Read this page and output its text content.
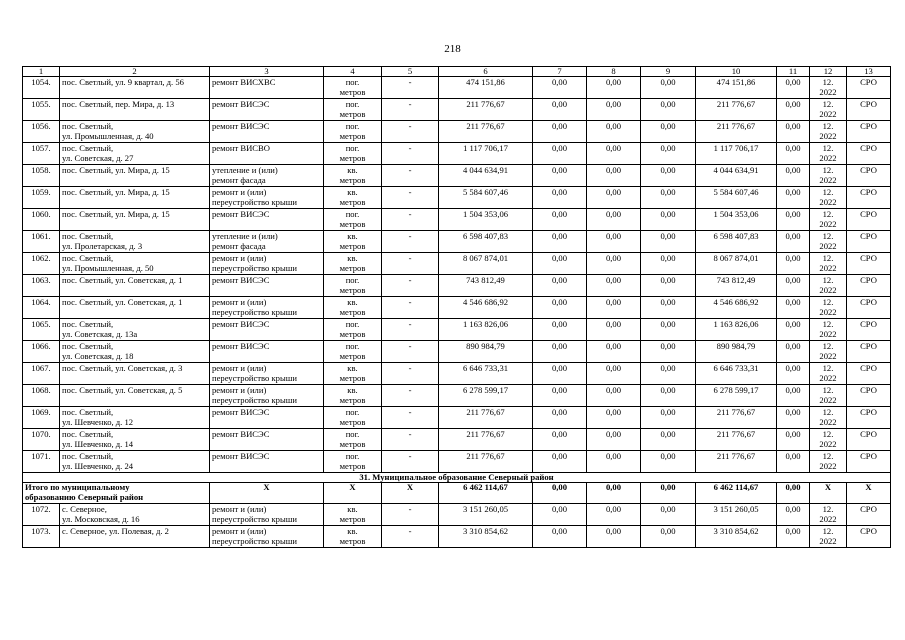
218
1	2	3	4	5	6	7	8	9	10	11	12	13
1054.	пос. Светлый, ул. 9 квартал, д. 56	ремонт ВИСХВС	пог.
метров	-	474 151,86	0,00	0,00	0,00	474 151,86	0,00	12.
2022	СРО
1055.	пос. Светлый, пер. Мира, д. 13	ремонт ВИСЭС	пог.
метров	-	211 776,67	0,00	0,00	0,00	211 776,67	0,00	12.
2022	СРО
1056.	пос. Светлый,
ул. Промышленная, д. 40	ремонт ВИСЭС	пог.
метров	-	211 776,67	0,00	0,00	0,00	211 776,67	0,00	12.
2022	СРО
1057.	пос. Светлый,
ул. Советская, д. 27	ремонт ВИСВО	пог.
метров	-	1 117 706,17	0,00	0,00	0,00	1 117 706,17	0,00	12.
2022	СРО
1058.	пос. Светлый, ул. Мира, д. 15	утепление и (или)
ремонт фасада	кв.
метров	-	4 044 634,91	0,00	0,00	0,00	4 044 634,91	0,00	12.
2022	СРО
1059.	пос. Светлый, ул. Мира, д. 15	ремонт и (или)
переустройство крыши	кв.
метров	-	5 584 607,46	0,00	0,00	0,00	5 584 607,46	0,00	12.
2022	СРО
1060.	пос. Светлый, ул. Мира, д. 15	ремонт ВИСЭС	пог.
метров	-	1 504 353,06	0,00	0,00	0,00	1 504 353,06	0,00	12.
2022	СРО
1061.	пос. Светлый,
ул. Пролетарская, д. 3	утепление и (или)
ремонт фасада	кв.
метров	-	6 598 407,83	0,00	0,00	0,00	6 598 407,83	0,00	12.
2022	СРО
1062.	пос. Светлый,
ул. Промышленная, д. 50	ремонт и (или)
переустройство крыши	кв.
метров	-	8 067 874,01	0,00	0,00	0,00	8 067 874,01	0,00	12.
2022	СРО
1063.	пос. Светлый, ул. Советская, д. 1	ремонт ВИСЭС	пог.
метров	-	743 812,49	0,00	0,00	0,00	743 812,49	0,00	12.
2022	СРО
1064.	пос. Светлый, ул. Советская, д. 1	ремонт и (или)
переустройство крыши	кв.
метров	-	4 546 686,92	0,00	0,00	0,00	4 546 686,92	0,00	12.
2022	СРО
1065.	пос. Светлый,
ул. Советская, д. 13а	ремонт ВИСЭС	пог.
метров	-	1 163 826,06	0,00	0,00	0,00	1 163 826,06	0,00	12.
2022	СРО
1066.	пос. Светлый,
ул. Советская, д. 18	ремонт ВИСЭС	пог.
метров	-	890 984,79	0,00	0,00	0,00	890 984,79	0,00	12.
2022	СРО
1067.	пос. Светлый, ул. Советская, д. 3	ремонт и (или)
переустройство крыши	кв.
метров	-	6 646 733,31	0,00	0,00	0,00	6 646 733,31	0,00	12.
2022	СРО
1068.	пос. Светлый, ул. Советская, д. 5	ремонт и (или)
переустройство крыши	кв.
метров	-	6 278 599,17	0,00	0,00	0,00	6 278 599,17	0,00	12.
2022	СРО
1069.	пос. Светлый,
ул. Шевченко, д. 12	ремонт ВИСЭС	пог.
метров	-	211 776,67	0,00	0,00	0,00	211 776,67	0,00	12.
2022	СРО
1070.	пос. Светлый,
ул. Шевченко, д. 14	ремонт ВИСЭС	пог.
метров	-	211 776,67	0,00	0,00	0,00	211 776,67	0,00	12.
2022	СРО
1071.	пос. Светлый,
ул. Шевченко, д. 24	ремонт ВИСЭС	пог.
метров	-	211 776,67	0,00	0,00	0,00	211 776,67	0,00	12.
2022	СРО
31. Муниципальное образование Северный район												
Итого по муниципальному
образованию Северный район		X	X	X	6 462 114,67	0,00	0,00	0,00	6 462 114,67	0,00	X	X
1072.	с. Северное,
ул. Московская, д. 16	ремонт и (или)
переустройство крыши	кв.
метров	-	3 151 260,05	0,00	0,00	0,00	3 151 260,05	0,00	12.
2022	СРО
1073.	с. Северное, ул. Полевая, д. 2	ремонт и (или)
переустройство крыши	кв.
метров	-	3 310 854,62	0,00	0,00	0,00	3 310 854,62	0,00	12.
2022	СРО
